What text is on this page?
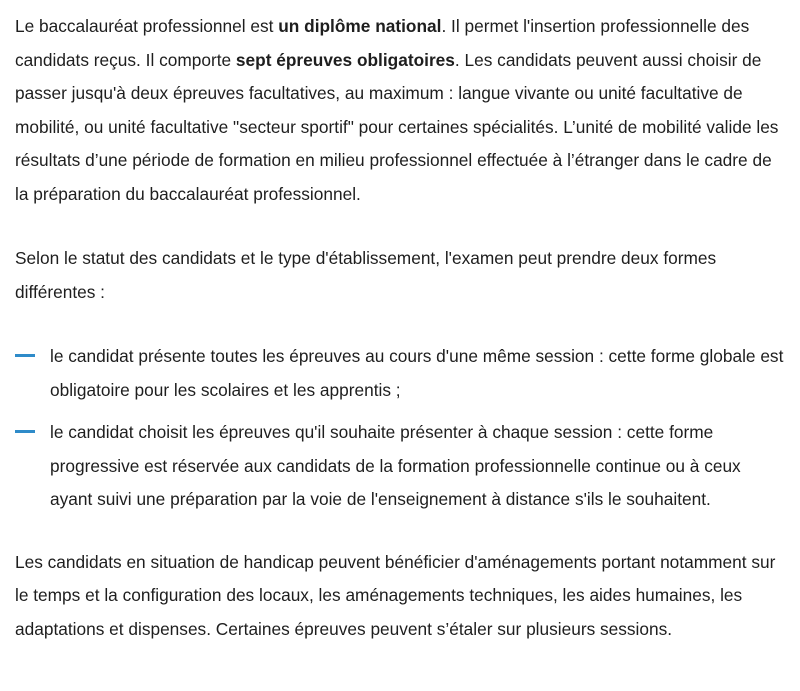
Le baccalauréat professionnel est un diplôme national. Il permet l'insertion professionnelle des candidats reçus. Il comporte sept épreuves obligatoires. Les candidats peuvent aussi choisir de passer jusqu'à deux épreuves facultatives, au maximum : langue vivante ou unité facultative de mobilité, ou unité facultative "secteur sportif" pour certaines spécialités. L’unité de mobilité valide les résultats d’une période de formation en milieu professionnel effectuée à l’étranger dans le cadre de la préparation du baccalauréat professionnel.

Selon le statut des candidats et le type d'établissement, l'examen peut prendre deux formes différentes :

le candidat présente toutes les épreuves au cours d'une même session : cette forme globale est obligatoire pour les scolaires et les apprentis ;
le candidat choisit les épreuves qu'il souhaite présenter à chaque session : cette forme progressive est réservée aux candidats de la formation professionnelle continue ou à ceux ayant suivi une préparation par la voie de l'enseignement à distance s'ils le souhaitent.

Les candidats en situation de handicap peuvent bénéficier d'aménagements portant notamment sur le temps et la configuration des locaux, les aménagements techniques, les aides humaines, les adaptations et dispenses. Certaines épreuves peuvent s’étaler sur plusieurs sessions.
